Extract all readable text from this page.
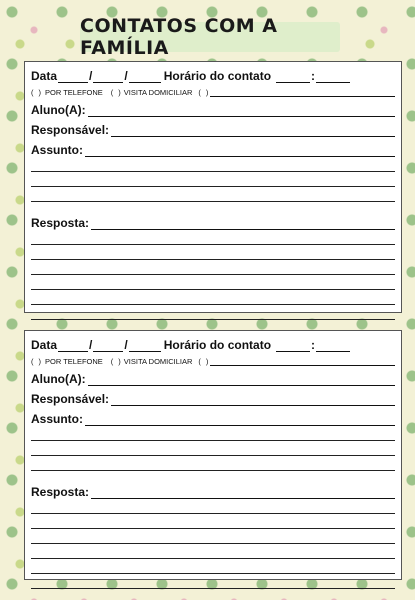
CONTATOS COM A FAMÍLIA
Data	/	/	Horário do contato	:
( ) POR TELEFONE ( ) VISITA DOMICILIAR ( )
Aluno(A):
Responsável:
Assunto:
Resposta:
Data	/	/	Horário do contato	:
( ) POR TELEFONE ( ) VISITA DOMICILIAR ( )
Aluno(A):
Responsável:
Assunto:
Resposta:
